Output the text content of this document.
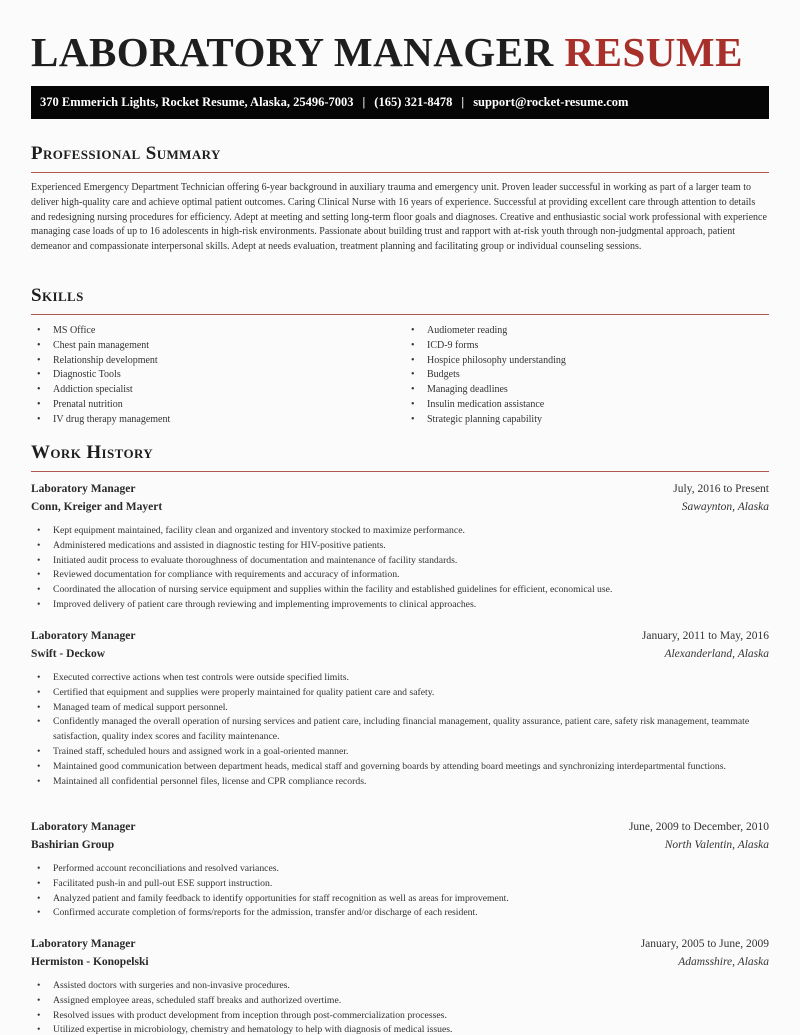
LABORATORY MANAGER RESUME
370 Emmerich Lights, Rocket Resume, Alaska, 25496-7003 | (165) 321-8478 | support@rocket-resume.com
Professional Summary

Experienced Emergency Department Technician offering 6-year background in auxiliary trauma and emergency unit. Proven leader successful in working as part of a larger team to deliver high-quality care and achieve optimal patient outcomes. Caring Clinical Nurse with 16 years of experience. Successful at providing excellent care through attention to details and redesigning nursing procedures for efficiency. Adept at meeting and setting long-term floor goals and diagnoses. Creative and enthusiastic social work professional with experience managing case loads of up to 16 adolescents in high-risk environments. Passionate about building trust and rapport with at-risk youth through non-judgmental approach, patient demeanor and compassionate interpersonal skills. Adept at needs evaluation, treatment planning and facilitating group or individual counseling sessions.

Skills
• MS Office
• Chest pain management
• Relationship development
• Diagnostic Tools
• Addiction specialist
• Prenatal nutrition
• IV drug therapy management
• Audiometer reading
• ICD-9 forms
• Hospice philosophy understanding
• Budgets
• Managing deadlines
• Insulin medication assistance
• Strategic planning capability
Work History
Laboratory Manager	July, 2016 to Present
Conn, Kreiger and Mayert	Sawaynton, Alaska
• Kept equipment maintained, facility clean and organized and inventory stocked to maximize performance.
• Administered medications and assisted in diagnostic testing for HIV-positive patients.
• Initiated audit process to evaluate thoroughness of documentation and maintenance of facility standards.
• Reviewed documentation for compliance with requirements and accuracy of information.
• Coordinated the allocation of nursing service equipment and supplies within the facility and established guidelines for efficient, economical use.
• Improved delivery of patient care through reviewing and implementing improvements to clinical approaches.
Laboratory Manager	January, 2011 to May, 2016
Swift - Deckow	Alexanderland, Alaska
• Executed corrective actions when test controls were outside specified limits.
• Certified that equipment and supplies were properly maintained for quality patient care and safety.
• Managed team of medical support personnel.
• Confidently managed the overall operation of nursing services and patient care, including financial management, quality assurance, patient care, safety risk management, teammate satisfaction, quality index scores and facility maintenance.
• Trained staff, scheduled hours and assigned work in a goal-oriented manner.
• Maintained good communication between department heads, medical staff and governing boards by attending board meetings and synchronizing interdepartmental functions.
• Maintained all confidential personnel files, license and CPR compliance records.
Laboratory Manager	June, 2009 to December, 2010
Bashirian Group	North Valentin, Alaska
• Performed account reconciliations and resolved variances.
• Facilitated push-in and pull-out ESE support instruction.
• Analyzed patient and family feedback to identify opportunities for staff recognition as well as areas for improvement.
• Confirmed accurate completion of forms/reports for the admission, transfer and/or discharge of each resident.
Laboratory Manager	January, 2005 to June, 2009
Hermiston - Konopelski	Adamsshire, Alaska
• Assisted doctors with surgeries and non-invasive procedures.
• Assigned employee areas, scheduled staff breaks and authorized overtime.
• Resolved issues with product development from inception through post-commercialization processes.
• Utilized expertise in microbiology, chemistry and hematology to help with diagnosis of medical issues.
